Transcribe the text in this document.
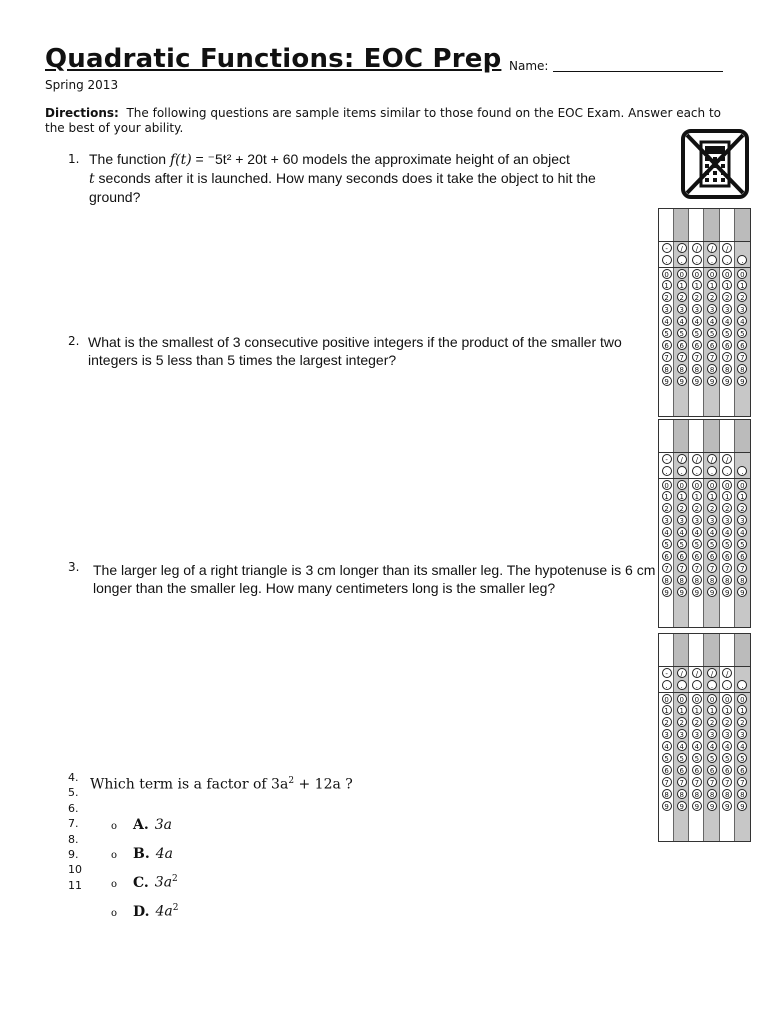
Quadratic Functions: EOC Prep Name:
Spring 2013
Directions: The following questions are sample items similar to those found on the EOC Exam. Answer each to the best of your ability.
1. The function f(t) = ⁻5t² + 20t + 60 models the approximate height of an object
t seconds after it is launched. How many seconds does it take the object to hit the ground?
2. What is the smallest of 3 consecutive positive integers if the product of the smaller two integers is 5 less than 5 times the largest integer?
3. The larger leg of a right triangle is 3 cm longer than its smaller leg. The hypotenuse is 6 cm longer than the smaller leg. How many centimeters long is the smaller leg?
4.
5.
6.
7.
8.
9.
10
11
Which term is a factor of $3a^2 + 12a$ ?
o A. 3a
o B. 4a
o C. $3a^2$
o D. $4a^2$
-	/	/	/	/
.	.	.	.	.	.
0	0	0	0	0	0
1	1	1	1	1	1
2	2	2	2	2	2
3	3	3	3	3	3
4	4	4	4	4	4
5	5	5	5	5	5
6	6	6	6	6	6
7	7	7	7	7	7
8	8	8	8	8	8
9	9	9	9	9	9
-	/	/	/	/
.	.	.	.	.	.
0	0	0	0	0	0
1	1	1	1	1	1
2	2	2	2	2	2
3	3	3	3	3	3
4	4	4	4	4	4
5	5	5	5	5	5
6	6	6	6	6	6
7	7	7	7	7	7
8	8	8	8	8	8
9	9	9	9	9	9
-	/	/	/	/
.	.	.	.	.	.
0	0	0	0	0	0
1	1	1	1	1	1
2	2	2	2	2	2
3	3	3	3	3	3
4	4	4	4	4	4
5	5	5	5	5	5
6	6	6	6	6	6
7	7	7	7	7	7
8	8	8	8	8	8
9	9	9	9	9	9
